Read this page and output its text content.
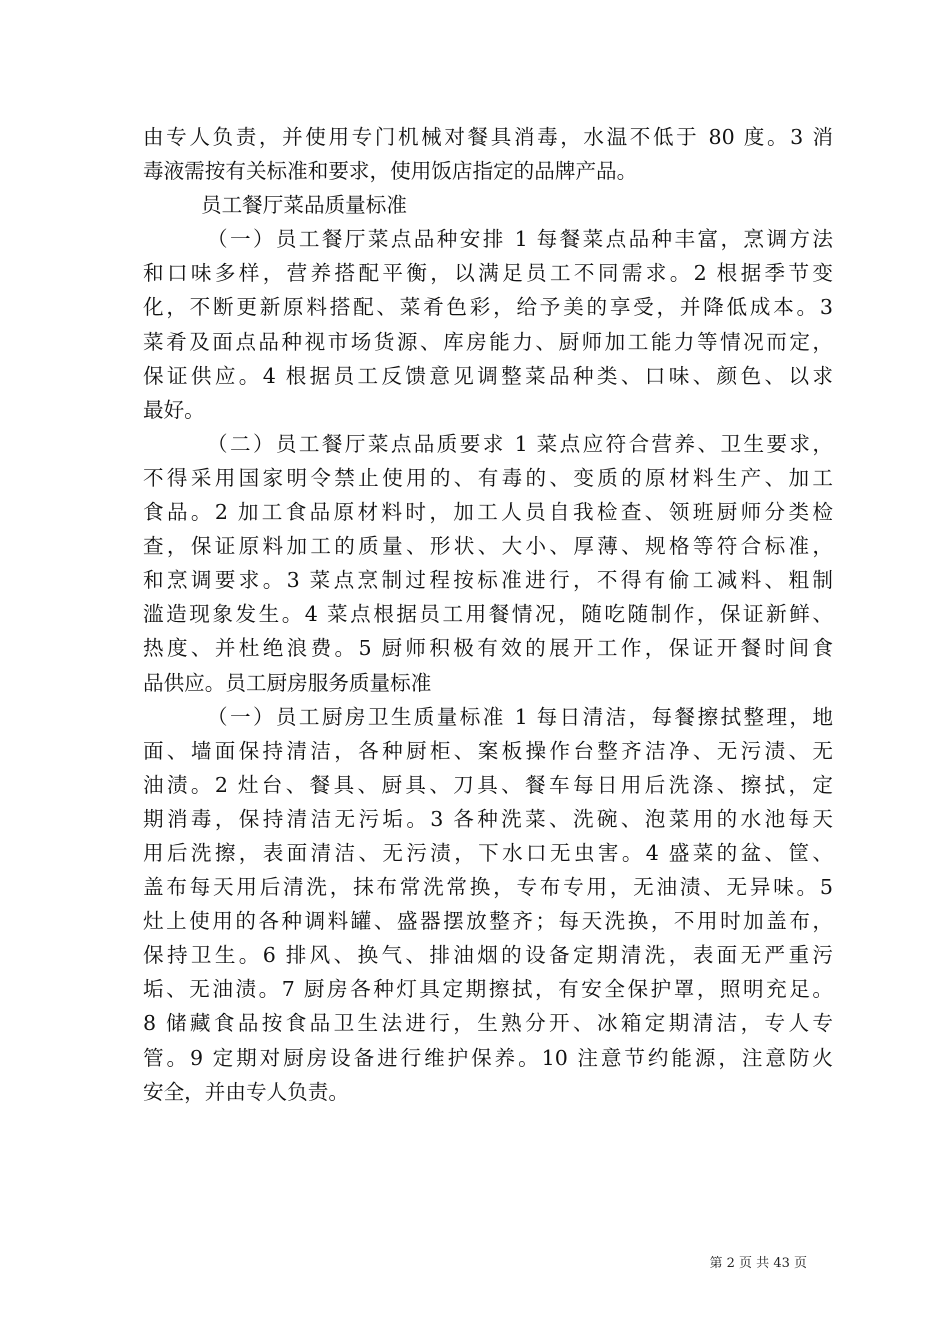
由专人负责，并使用专门机械对餐具消毒，水温不低于 80 度。3 消
毒液需按有关标准和要求，使用饭店指定的品牌产品。
员工餐厅菜品质量标准
（一）员工餐厅菜点品种安排 1 每餐菜点品种丰富，烹调方法
和口味多样，营养搭配平衡，以满足员工不同需求。2 根据季节变
化，不断更新原料搭配、菜肴色彩，给予美的享受，并降低成本。3
菜肴及面点品种视市场货源、库房能力、厨师加工能力等情况而定，
保证供应。4 根据员工反馈意见调整菜品种类、口味、颜色、以求
最好。
（二）员工餐厅菜点品质要求 1 菜点应符合营养、卫生要求，
不得采用国家明令禁止使用的、有毒的、变质的原材料生产、加工
食品。2 加工食品原材料时，加工人员自我检查、领班厨师分类检
查，保证原料加工的质量、形状、大小、厚薄、规格等符合标准，
和烹调要求。3 菜点烹制过程按标准进行，不得有偷工减料、粗制
滥造现象发生。4 菜点根据员工用餐情况，随吃随制作，保证新鲜、
热度、并杜绝浪费。5 厨师积极有效的展开工作，保证开餐时间食
品供应。员工厨房服务质量标准
（一）员工厨房卫生质量标准 1 每日清洁，每餐擦拭整理，地
面、墙面保持清洁，各种厨柜、案板操作台整齐洁净、无污渍、无
油渍。2 灶台、餐具、厨具、刀具、餐车每日用后洗涤、擦拭，定
期消毒，保持清洁无污垢。3 各种洗菜、洗碗、泡菜用的水池每天
用后洗擦，表面清洁、无污渍，下水口无虫害。4 盛菜的盆、筐、
盖布每天用后清洗，抹布常洗常换，专布专用，无油渍、无异味。5
灶上使用的各种调料罐、盛器摆放整齐；每天洗换，不用时加盖布，
保持卫生。6 排风、换气、排油烟的设备定期清洗，表面无严重污
垢、无油渍。7 厨房各种灯具定期擦拭，有安全保护罩，照明充足。
8 储藏食品按食品卫生法进行，生熟分开、冰箱定期清洁，专人专
管。9 定期对厨房设备进行维护保养。10 注意节约能源，注意防火
安全，并由专人负责。
第 2 页 共 43 页
